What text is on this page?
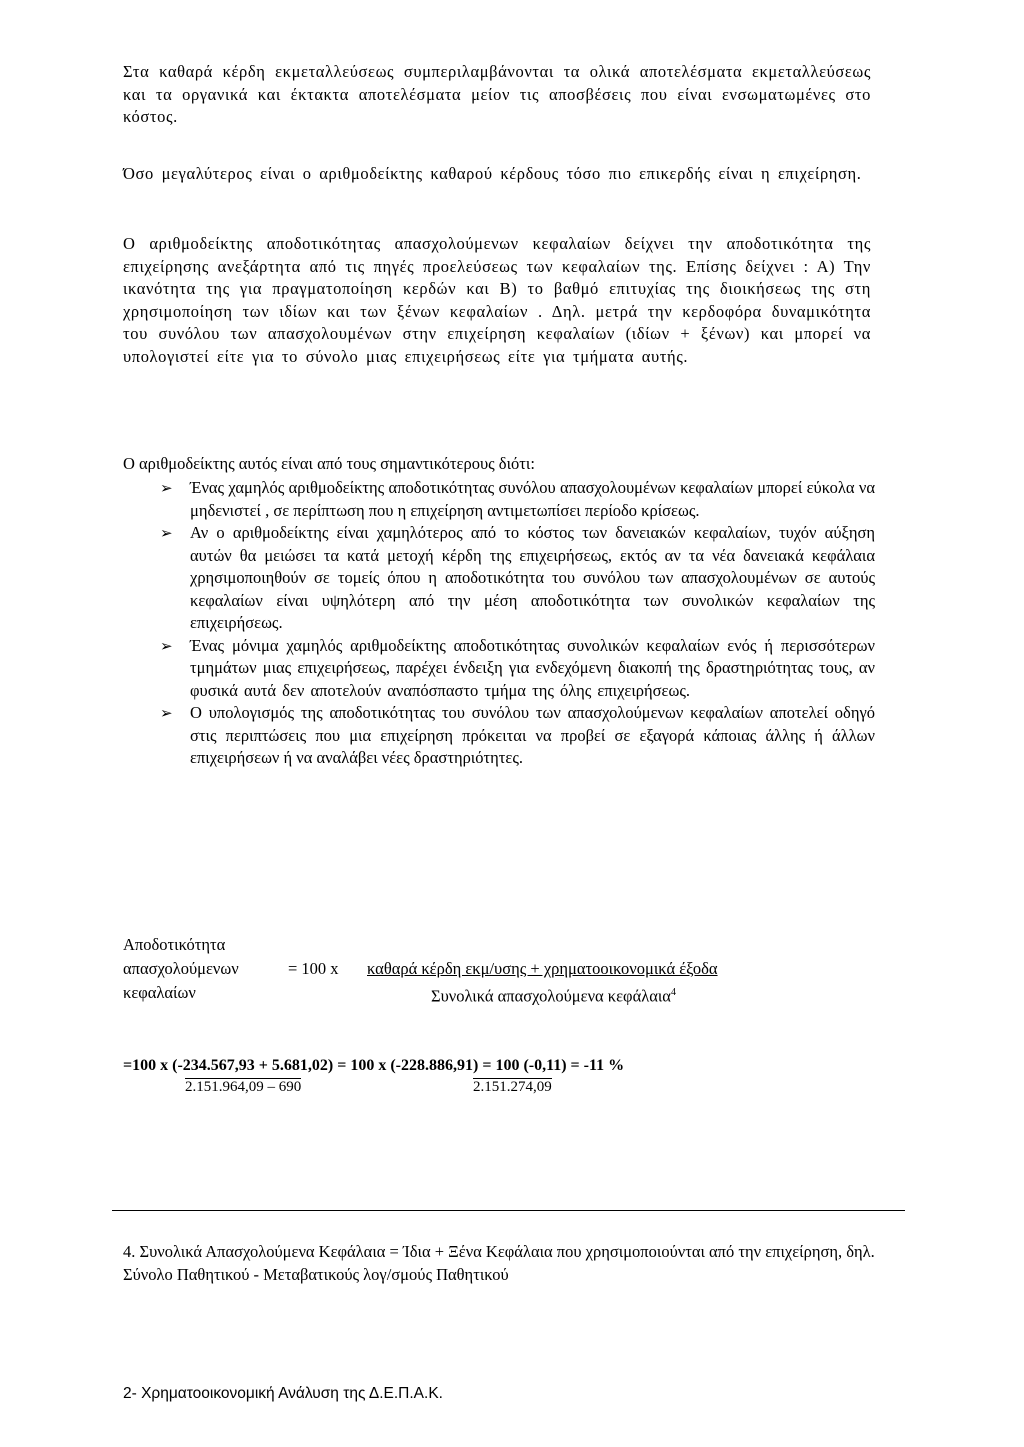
Στα καθαρά κέρδη εκμεταλλεύσεως συμπεριλαμβάνονται τα ολικά αποτελέσματα εκμεταλλεύσεως και τα οργανικά και έκτακτα αποτελέσματα μείον τις αποσβέσεις που είναι ενσωματωμένες στο κόστος.

Όσο μεγαλύτερος είναι ο αριθμοδείκτης καθαρού κέρδους τόσο πιο επικερδής είναι η επιχείρηση.

Ο αριθμοδείκτης αποδοτικότητας απασχολούμενων κεφαλαίων δείχνει την αποδοτικότητα της επιχείρησης ανεξάρτητα από τις πηγές προελεύσεως των κεφαλαίων της. Επίσης δείχνει : Α) Την ικανότητα της για πραγματοποίηση κερδών και Β) το βαθμό επιτυχίας της διοικήσεως της στη χρησιμοποίηση των ιδίων και των ξένων κεφαλαίων . Δηλ. μετρά την κερδοφόρα δυναμικότητα του συνόλου των απασχολουμένων στην επιχείρηση κεφαλαίων (ιδίων + ξένων) και μπορεί να υπολογιστεί είτε για το σύνολο μιας επιχειρήσεως είτε για τμήματα αυτής.

Ο αριθμοδείκτης αυτός είναι από τους σημαντικότερους διότι:
➢ Ένας χαμηλός αριθμοδείκτης αποδοτικότητας συνόλου απασχολουμένων κεφαλαίων μπορεί εύκολα να μηδενιστεί , σε περίπτωση που η επιχείρηση αντιμετωπίσει περίοδο κρίσεως.
➢ Αν ο αριθμοδείκτης είναι χαμηλότερος από το κόστος των δανειακών κεφαλαίων, τυχόν αύξηση αυτών θα μειώσει τα κατά μετοχή κέρδη της επιχειρήσεως, εκτός αν τα νέα δανειακά κεφάλαια χρησιμοποιηθούν σε τομείς όπου η αποδοτικότητα του συνόλου των απασχολουμένων σε αυτούς κεφαλαίων είναι υψηλότερη από την μέση αποδοτικότητα των συνολικών κεφαλαίων της επιχειρήσεως.
➢ Ένας μόνιμα χαμηλός αριθμοδείκτης αποδοτικότητας συνολικών κεφαλαίων ενός ή περισσότερων τμημάτων μιας επιχειρήσεως, παρέχει ένδειξη για ενδεχόμενη διακοπή της δραστηριότητας τους, αν φυσικά αυτά δεν αποτελούν αναπόσπαστο τμήμα της όλης επιχειρήσεως.
➢ Ο υπολογισμός της αποδοτικότητας του συνόλου των απασχολούμενων κεφαλαίων αποτελεί οδηγό στις περιπτώσεις που μια επιχείρηση πρόκειται να προβεί σε εξαγορά κάποιας άλλης ή άλλων επιχειρήσεων ή να αναλάβει νέες δραστηριότητες.
Αποδοτικότητα
απασχολούμενων
κεφαλαίων
= 100 x καθαρά κέρδη εκμ/υσης + χρηματοοικονομικά έξοδα
Συνολικά απασχολούμενα κεφάλαια$^4$
=100 x (-234.567,93 + 5.681,02) = 100 x (-228.886,91) = 100 (-0,11) = -11 %
2.151.964,09 – 690	2.151.274,09
4. Συνολικά Απασχολούμενα Κεφάλαια = Ίδια + Ξένα Κεφάλαια που χρησιμοποιούνται από την επιχείρηση, δηλ. Σύνολο Παθητικού - Μεταβατικούς λογ/σμούς Παθητικού
2- Χρηματοοικονομική Ανάλυση της Δ.Ε.Π.Α.Κ.
